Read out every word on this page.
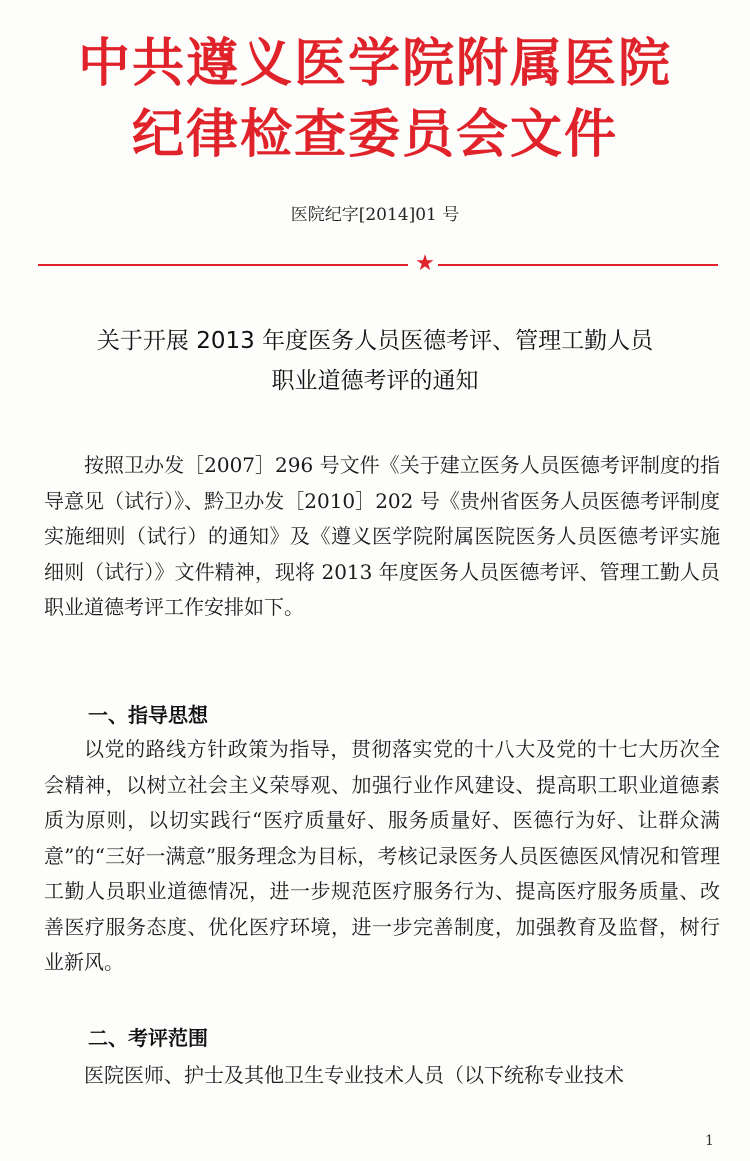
中共遵义医学院附属医院
纪律检查委员会文件
医院纪字[2014]01 号
★
关于开展 2013 年度医务人员医德考评、管理工勤人员
职业道德考评的通知
按照卫办发［2007］296 号文件《关于建立医务人员医德考评制度的指导意见（试行）》、黔卫办发［2010］202 号《贵州省医务人员医德考评制度实施细则（试行）的通知》及《遵义医学院附属医院医务人员医德考评实施细则（试行）》文件精神，现将 2013 年度医务人员医德考评、管理工勤人员职业道德考评工作安排如下。
一、指导思想
以党的路线方针政策为指导，贯彻落实党的十八大及党的十七大历次全会精神，以树立社会主义荣辱观、加强行业作风建设、提高职工职业道德素质为原则，以切实践行“医疗质量好、服务质量好、医德行为好、让群众满意”的“三好一满意”服务理念为目标，考核记录医务人员医德医风情况和管理工勤人员职业道德情况，进一步规范医疗服务行为、提高医疗服务质量、改善医疗服务态度、优化医疗环境，进一步完善制度，加强教育及监督，树行业新风。
二、考评范围
医院医师、护士及其他卫生专业技术人员（以下统称专业技术
1
